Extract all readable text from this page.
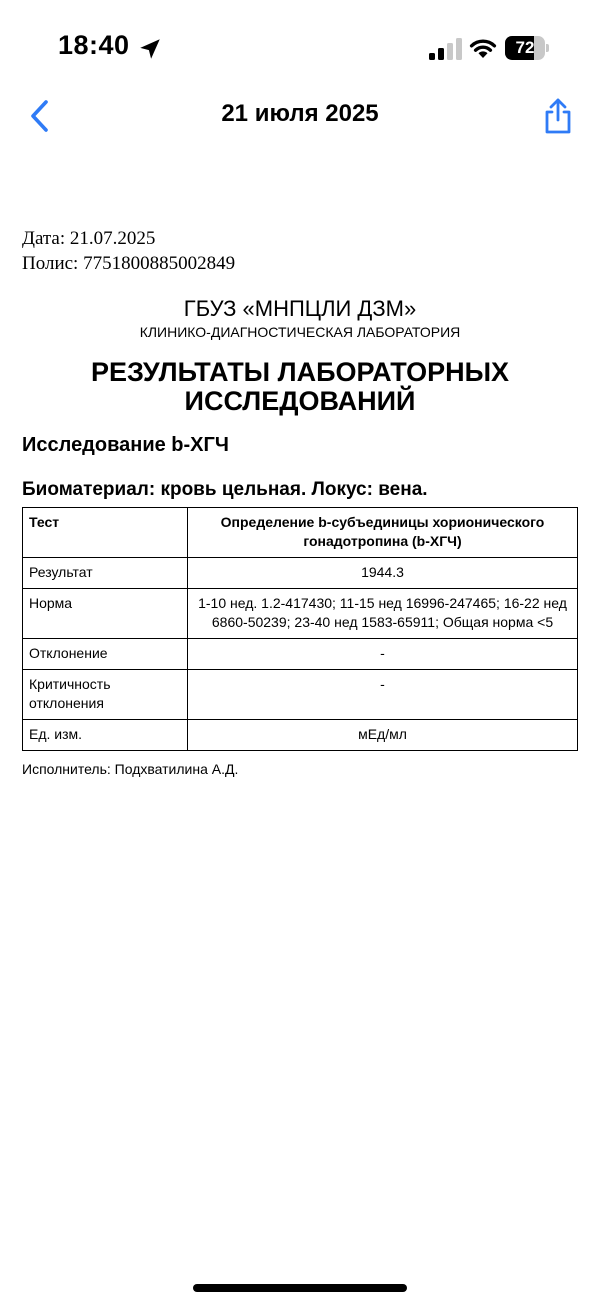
18:40	72
21 июля 2025

Дата: 21.07.2025

Полис: 7751800885002849

ГБУЗ «МНПЦЛИ ДЗМ»
КЛИНИКО-ДИАГНОСТИЧЕСКАЯ ЛАБОРАТОРИЯ
РЕЗУЛЬТАТЫ ЛАБОРАТОРНЫХ
ИССЛЕДОВАНИЙ
Исследование b-ХГЧ
Биоматериал: кровь цельная. Локус: вена.
Тест	Определение b-субъединицы хорионического гонадотропина (b-ХГЧ)
Результат	1944.3
Норма	1-10 нед. 1.2-417430; 11-15 нед 16996-247465; 16-22 нед 6860-50239; 23-40 нед 1583-65911; Общая норма <5
Отклонение	-
Критичность отклонения	-
Ед. изм.	мЕд/мл
Исполнитель: Подхватилина А.Д.
